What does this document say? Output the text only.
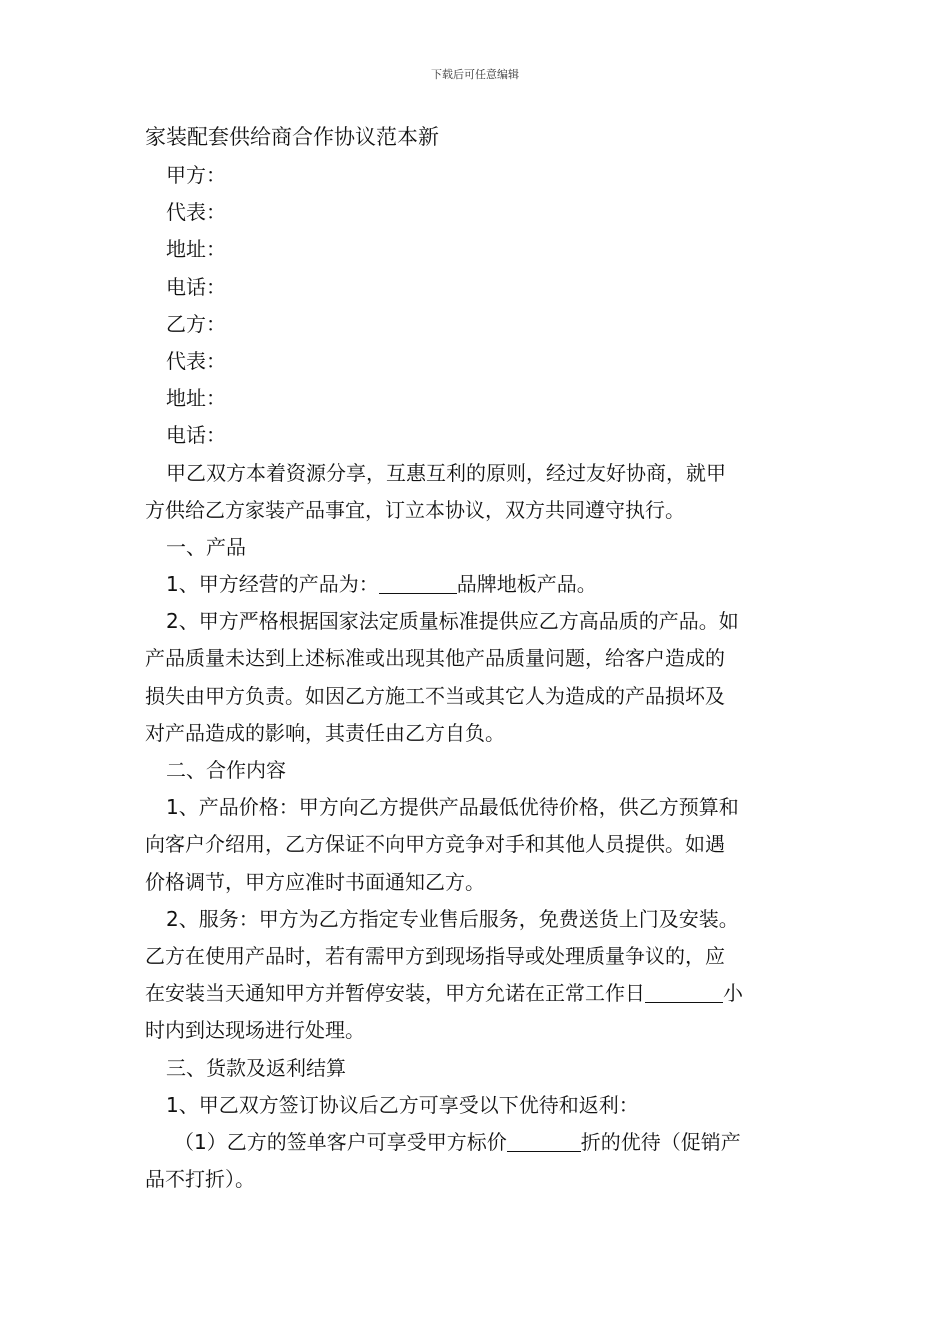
下载后可任意编辑
家装配套供给商合作协议范本新
甲方：
代表：
地址：
电话：
乙方：
代表：
地址：
电话：
甲乙双方本着资源分享，互惠互利的原则，经过友好协商，就甲
方供给乙方家装产品事宜，订立本协议，双方共同遵守执行。
一、产品
1、甲方经营的产品为：	品牌地板产品。
2、甲方严格根据国家法定质量标准提供应乙方高品质的产品。如
产品质量未达到上述标准或出现其他产品质量问题，给客户造成的
损失由甲方负责。如因乙方施工不当或其它人为造成的产品损坏及
对产品造成的影响，其责任由乙方自负。
二、合作内容
1、产品价格：甲方向乙方提供产品最低优待价格，供乙方预算和
向客户介绍用，乙方保证不向甲方竞争对手和其他人员提供。如遇
价格调节，甲方应准时书面通知乙方。
2、服务：甲方为乙方指定专业售后服务，免费送货上门及安装。
乙方在使用产品时，若有需甲方到现场指导或处理质量争议的，应
在安装当天通知甲方并暂停安装，甲方允诺在正常工作日	小
时内到达现场进行处理。
三、货款及返利结算
1、甲乙双方签订协议后乙方可享受以下优待和返利：
（1）乙方的签单客户可享受甲方标价	折的优待（促销产
品不打折）。
